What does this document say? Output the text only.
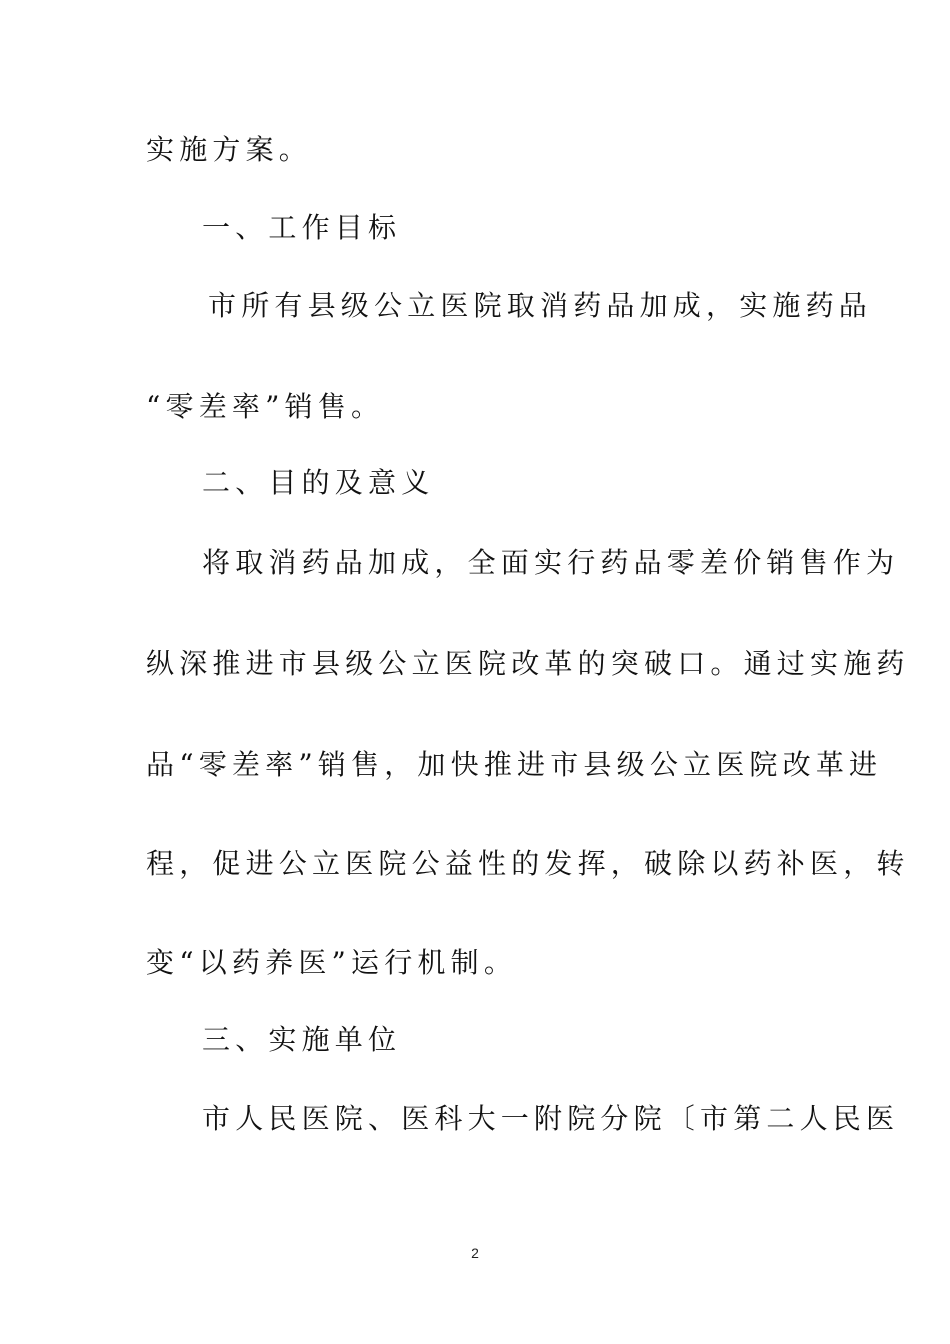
实施方案。
一、工作目标
市所有县级公立医院取消药品加成，实施药品
“零差率”销售。
二、目的及意义
将取消药品加成，全面实行药品零差价销售作为
纵深推进市县级公立医院改革的突破口。通过实施药
品“零差率”销售，加快推进市县级公立医院改革进
程，促进公立医院公益性的发挥，破除以药补医，转
变“以药养医”运行机制。
三、实施单位
市人民医院、医科大一附院分院〔市第二人民医
2
